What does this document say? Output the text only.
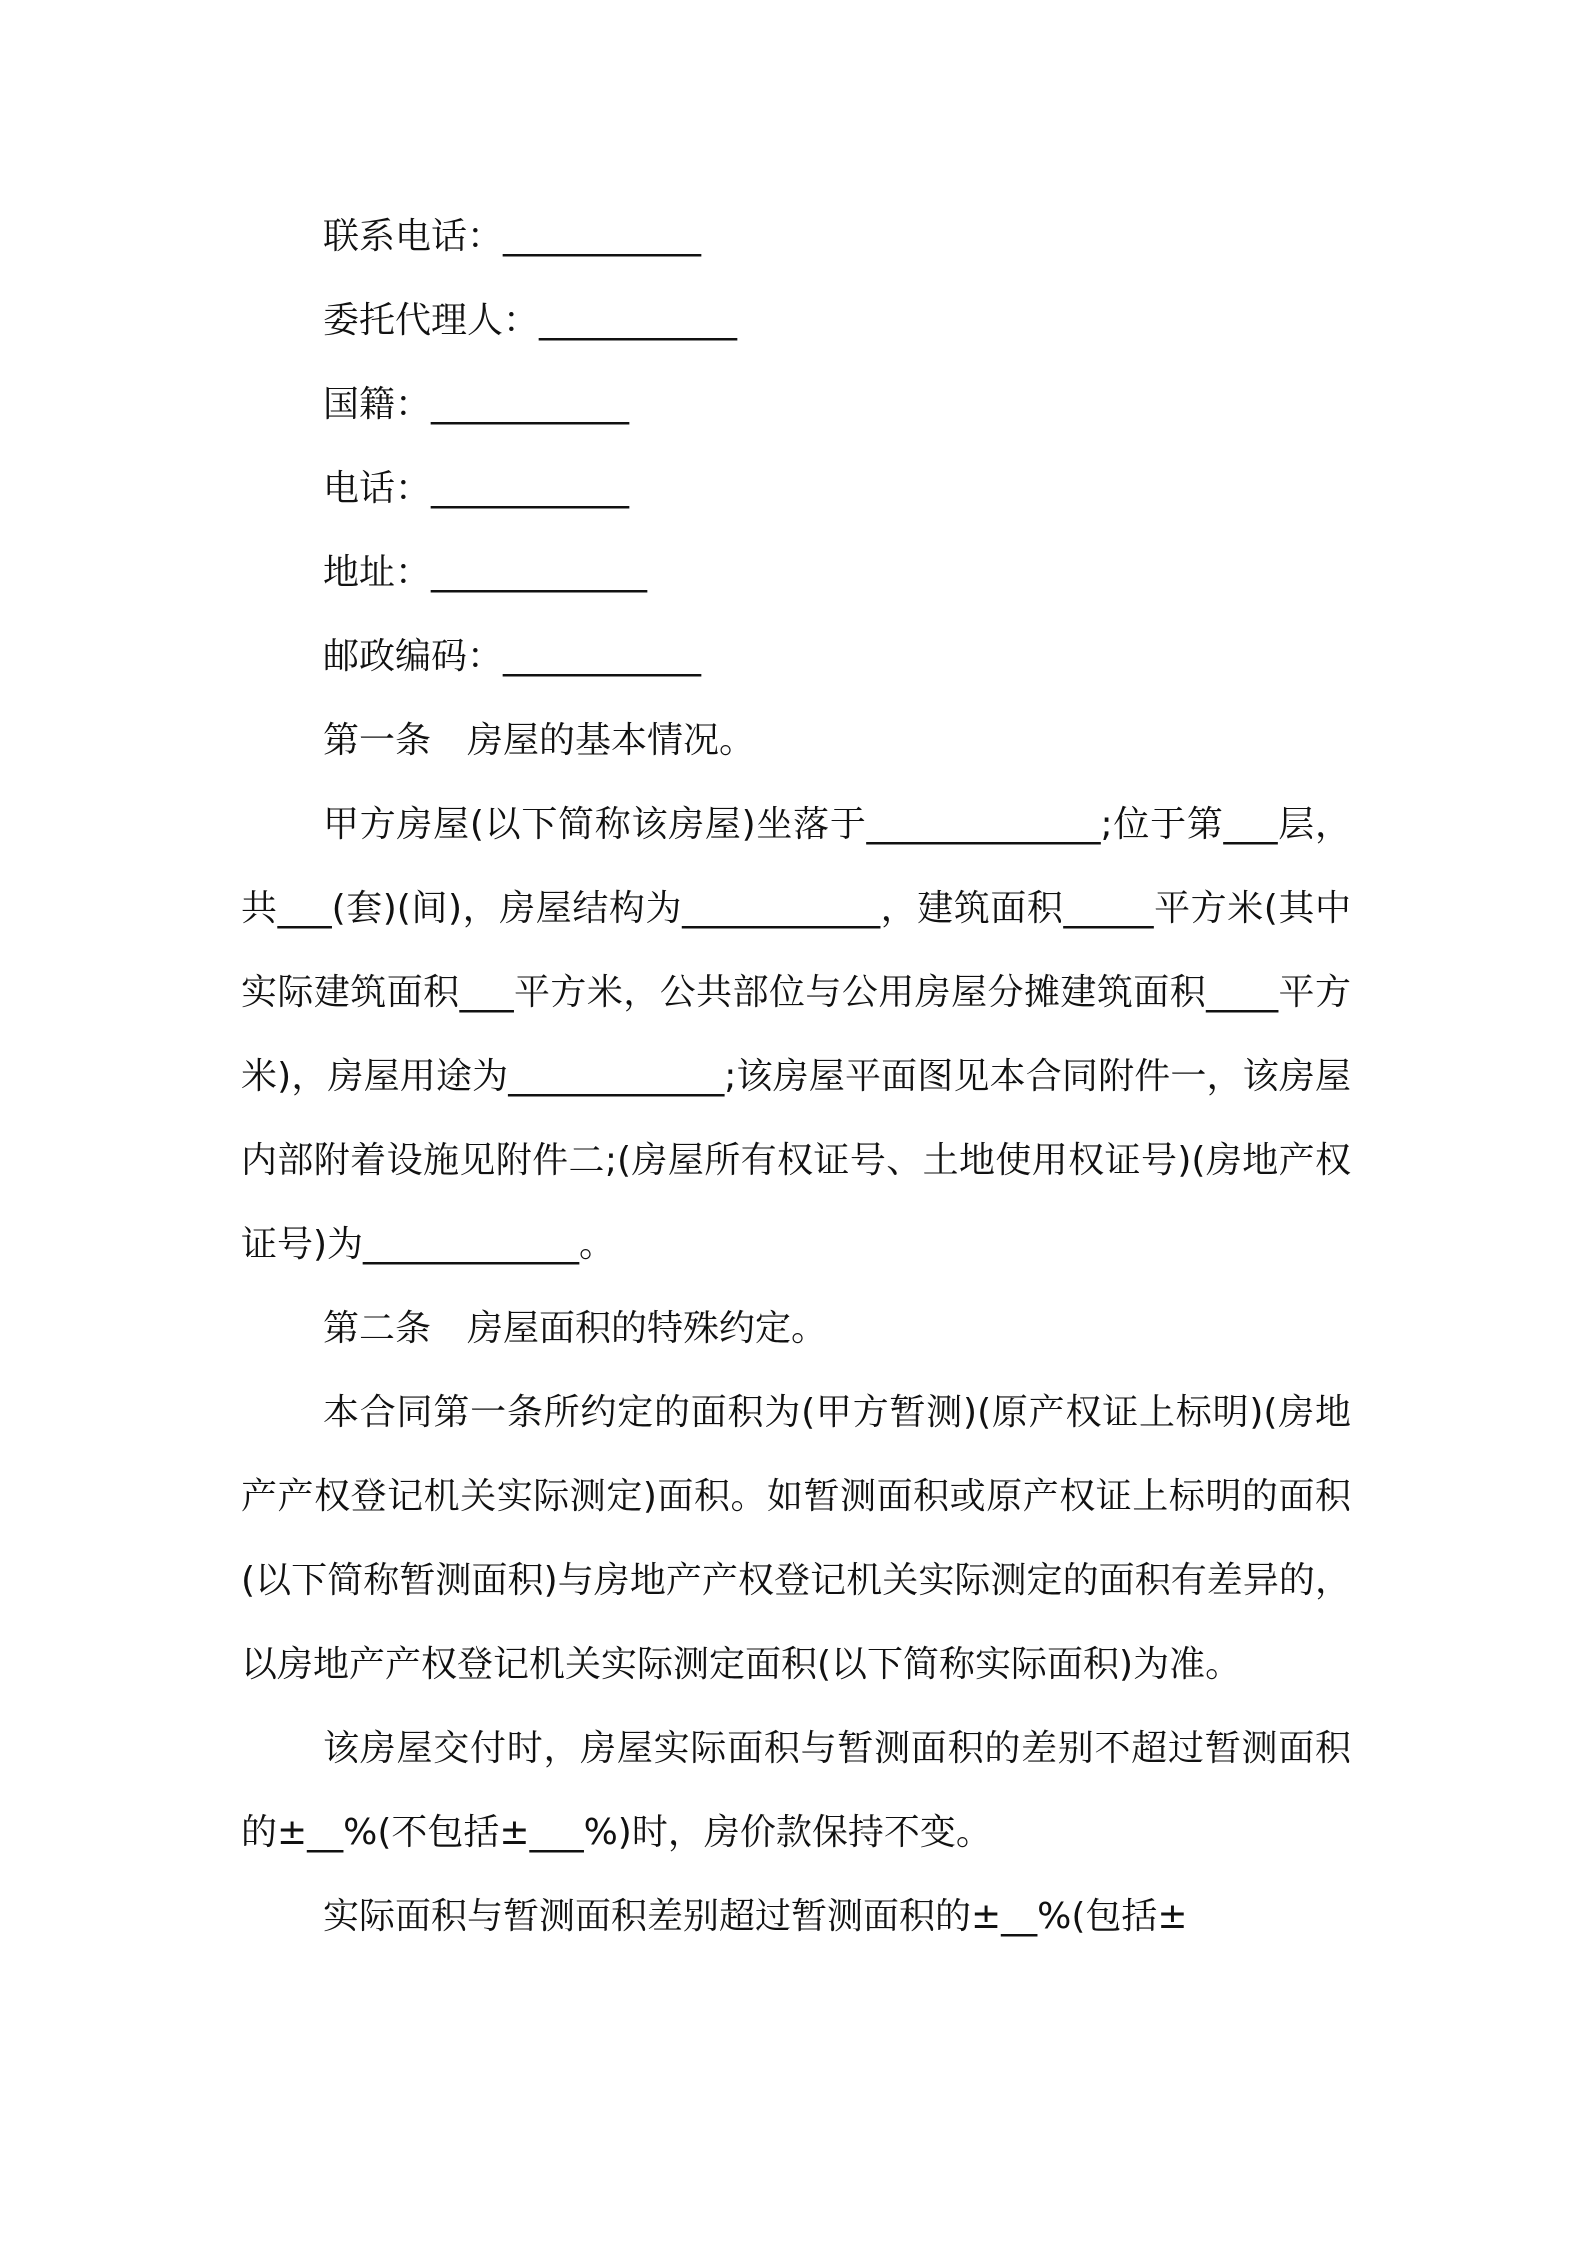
联系电话：___________
委托代理人：___________
国籍：___________
电话：___________
地址：____________
邮政编码：___________
第一条　房屋的基本情况。

甲方房屋(以下简称该房屋)坐落于_____________;位于第___层，共___(套)(间)，房屋结构为___________，建筑面积_____平方米(其中实际建筑面积___平方米，公共部位与公用房屋分摊建筑面积____平方米)，房屋用途为____________;该房屋平面图见本合同附件一，该房屋内部附着设施见附件二;(房屋所有权证号、土地使用权证号)(房地产权证号)为____________。

第二条　房屋面积的特殊约定。

本合同第一条所约定的面积为(甲方暂测)(原产权证上标明)(房地产产权登记机关实际测定)面积。如暂测面积或原产权证上标明的面积(以下简称暂测面积)与房地产产权登记机关实际测定的面积有差异的，以房地产产权登记机关实际测定面积(以下简称实际面积)为准。

该房屋交付时，房屋实际面积与暂测面积的差别不超过暂测面积的±__%(不包括±___%)时，房价款保持不变。

实际面积与暂测面积差别超过暂测面积的±__%(包括±
